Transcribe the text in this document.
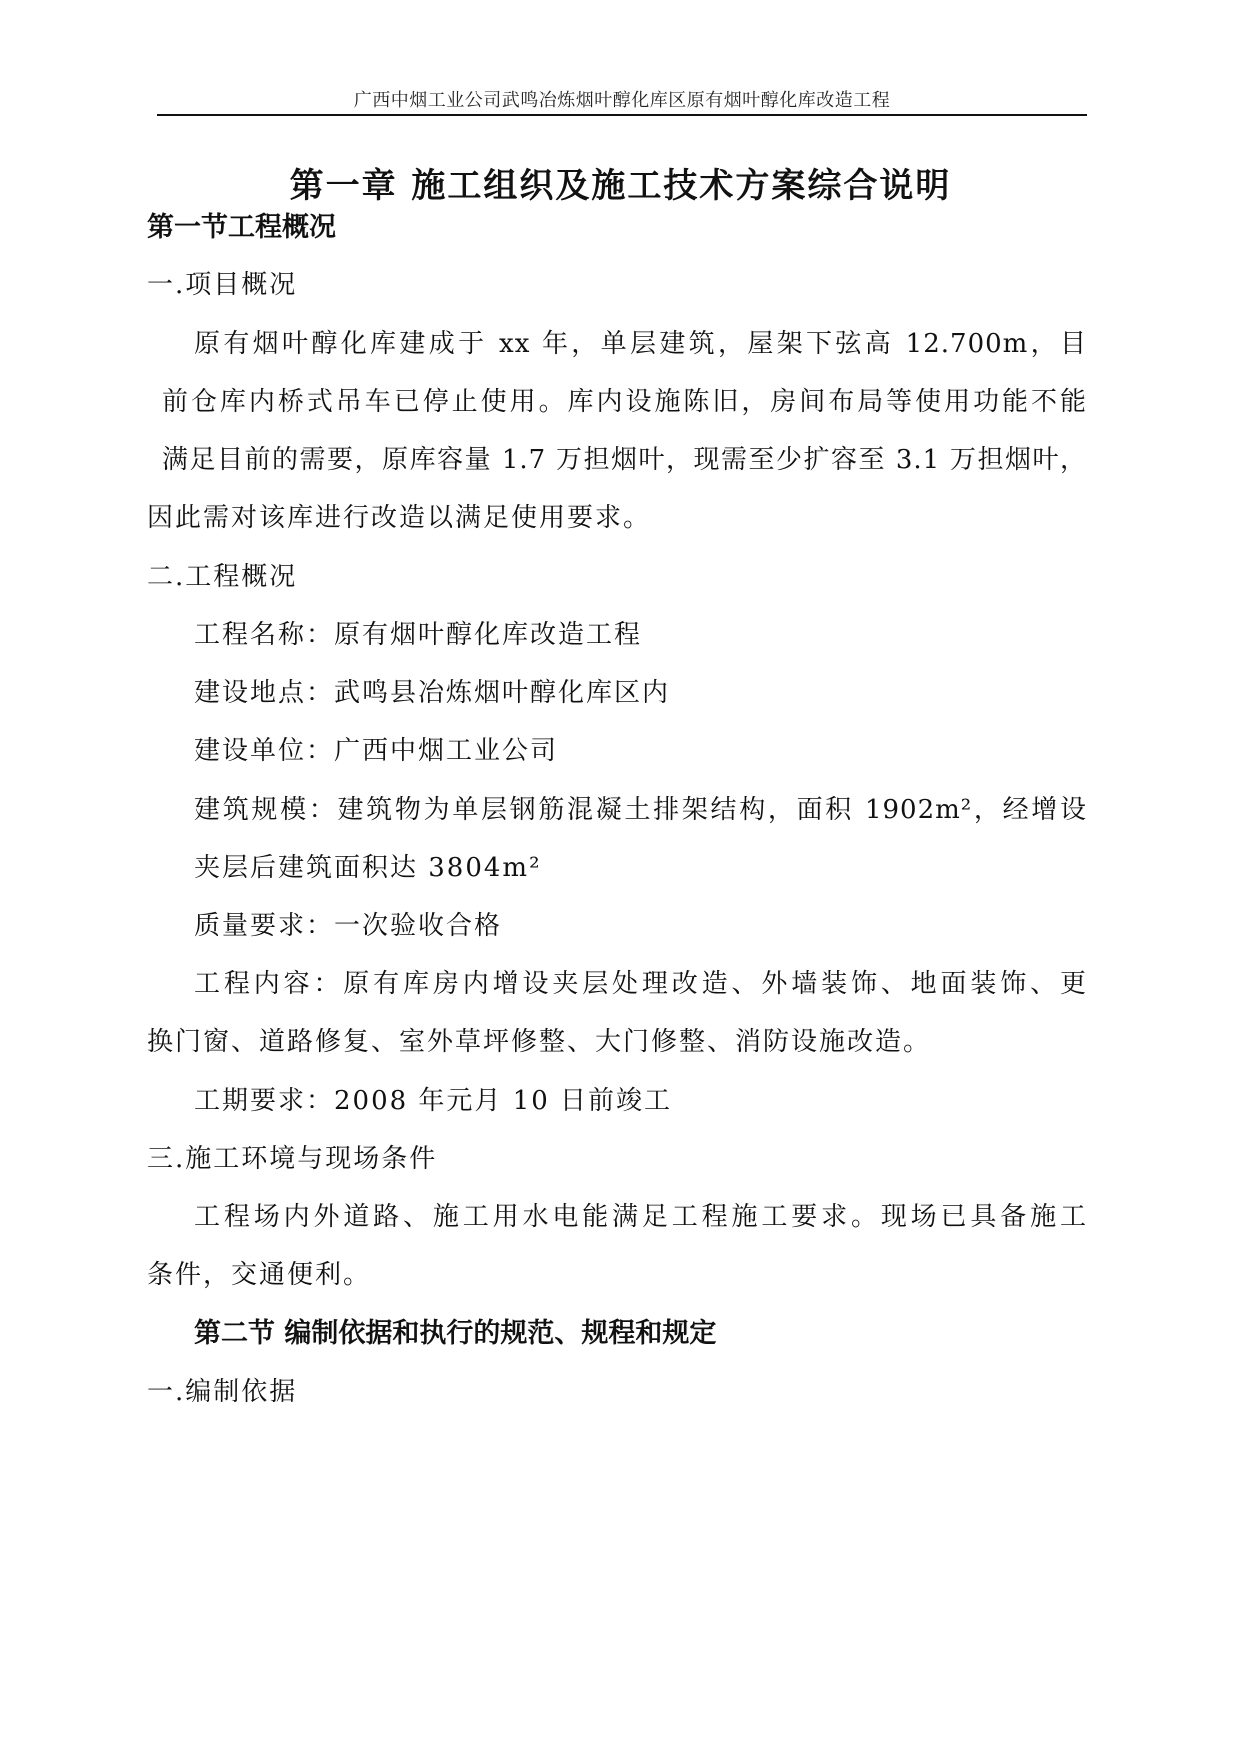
广西中烟工业公司武鸣冶炼烟叶醇化库区原有烟叶醇化库改造工程
第一章 施工组织及施工技术方案综合说明
第一节工程概况
一.项目概况
原有烟叶醇化库建成于 xx 年，单层建筑，屋架下弦高 12.700m，目
前仓库内桥式吊车已停止使用。库内设施陈旧，房间布局等使用功能不能
满足目前的需要，原库容量 1.7 万担烟叶，现需至少扩容至 3.1 万担烟叶，
因此需对该库进行改造以满足使用要求。
二.工程概况
工程名称：原有烟叶醇化库改造工程
建设地点：武鸣县冶炼烟叶醇化库区内
建设单位：广西中烟工业公司
建筑规模：建筑物为单层钢筋混凝土排架结构，面积 1902m²，经增设
夹层后建筑面积达 3804m²
质量要求：一次验收合格
工程内容：原有库房内增设夹层处理改造、外墙装饰、地面装饰、更
换门窗、道路修复、室外草坪修整、大门修整、消防设施改造。
工期要求：2008 年元月 10 日前竣工
三.施工环境与现场条件
工程场内外道路、施工用水电能满足工程施工要求。现场已具备施工
条件，交通便利。
第二节 编制依据和执行的规范、规程和规定
一.编制依据
